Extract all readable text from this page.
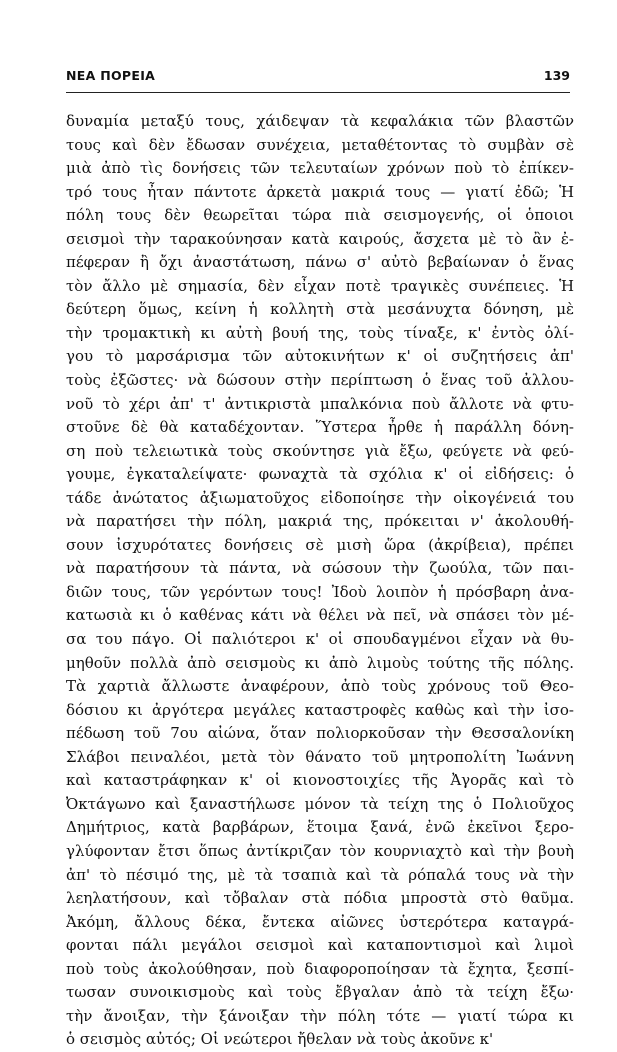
ΝΕΑ ΠΟΡΕΙΑ	139
δυναμία μεταξύ τους, χάιδεψαν τὰ κεφαλάκια τῶν βλαστῶν
τους καὶ δὲν ἔδωσαν συνέχεια, μεταθέτοντας τὸ συμβὰν σὲ
μιὰ ἀπὸ τὶς δονήσεις τῶν τελευταίων χρόνων ποὺ τὸ ἐπίκεν-
τρό τους ἦταν πάντοτε ἀρκετὰ μακριά τους — γιατί ἐδῶ; Ἡ
πόλη τους δὲν θεωρεῖται τώρα πιὰ σεισμογενής, οἱ ὁποιοι
σεισμοὶ τὴν ταρακούνησαν κατὰ καιρούς, ἄσχετα μὲ τὸ ἂν ἐ-
πέφεραν ἢ ὄχι ἀναστάτωση, πάνω σ' αὐτὸ βεβαίωναν ὁ ἕνας
τὸν ἄλλο μὲ σημασία, δὲν εἶχαν ποτὲ τραγικὲς συνέπειες. Ἡ
δεύτερη ὅμως, κείνη ἡ κολλητὴ στὰ μεσάνυχτα δόνηση, μὲ
τὴν τρομακτικὴ κι αὐτὴ βουή της, τοὺς τίναξε, κ' ἐντὸς ὀλί-
γου τὸ μαρσάρισμα τῶν αὐτοκινήτων κ' οἱ συζητήσεις ἀπ'
τοὺς ἐξῶστες· νὰ δώσουν στὴν περίπτωση ὁ ἕνας τοῦ ἀλλου-
νοῦ τὸ χέρι ἀπ' τ' ἀντικριστὰ μπαλκόνια ποὺ ἄλλοτε νὰ φτυ-
στοῦνε δὲ θὰ καταδέχονταν. Ὕστερα ἦρθε ἡ παράλλη δόνη-
ση ποὺ τελειωτικὰ τοὺς σκούντησε γιὰ ἔξω, φεύγετε νὰ φεύ-
γουμε, ἐγκαταλείψατε· φωναχτὰ τὰ σχόλια κ' οἱ εἰδήσεις: ὁ
τάδε ἀνώτατος ἀξιωματοῦχος εἰδοποίησε τὴν οἰκογένειά του
νὰ παρατήσει τὴν πόλη, μακριά της, πρόκειται ν' ἀκολουθή-
σουν ἰσχυρότατες δονήσεις σὲ μισὴ ὥρα (ἀκρίβεια), πρέπει
νὰ παρατήσουν τὰ πάντα, νὰ σώσουν τὴν ζωούλα, τῶν παι-
διῶν τους, τῶν γερόντων τους! Ἰδοὺ λοιπὸν ἡ πρόσβαρη ἀνα-
κατωσιὰ κι ὁ καθένας κάτι νὰ θέλει νὰ πεῖ, νὰ σπάσει τὸν μέ-
σα του πάγο. Οἱ παλιότεροι κ' οἱ σπουδαγμένοι εἶχαν νὰ θυ-
μηθοῦν πολλὰ ἀπὸ σεισμοὺς κι ἀπὸ λιμοὺς τούτης τῆς πόλης.
Τὰ χαρτιὰ ἄλλωστε ἀναφέρουν, ἀπὸ τοὺς χρόνους τοῦ Θεο-
δόσιου κι ἀργότερα μεγάλες καταστροφὲς καθὼς καὶ τὴν ἰσο-
πέδωση τοῦ 7ου αἰώνα, ὅταν πολιορκοῦσαν τὴν Θεσσαλονίκη
Σλάβοι πειναλέοι, μετὰ τὸν θάνατο τοῦ μητροπολίτη Ἰωάννη
καὶ καταστράφηκαν κ' οἱ κιονοστοιχίες τῆς Ἀγορᾶς καὶ τὸ
Ὀκτάγωνο καὶ ξαναστήλωσε μόνον τὰ τείχη της ὁ Πολιοῦχος
Δημήτριος, κατὰ βαρβάρων, ἕτοιμα ξανά, ἐνῶ ἐκεῖνοι ξερο-
γλύφονταν ἔτσι ὅπως ἀντίκριζαν τὸν κουρνιαχτὸ καὶ τὴν βουὴ
ἀπ' τὸ πέσιμό της, μὲ τὰ τσαπιὰ καὶ τὰ ρόπαλά τους νὰ τὴν
λεηλατήσουν, καὶ τὄβαλαν στὰ πόδια μπροστὰ στὸ θαῦμα.
Ἀκόμη, ἄλλους δέκα, ἔντεκα αἰῶνες ὑστερότερα καταγρά-
φονται πάλι μεγάλοι σεισμοὶ καὶ καταποντισμοὶ καὶ λιμοὶ
ποὺ τοὺς ἀκολούθησαν, ποὺ διαφοροποίησαν τὰ ἔχητα, ξεσπί-
τωσαν συνοικισμοὺς καὶ τοὺς ἔβγαλαν ἀπὸ τὰ τείχη ἔξω·
τὴν ἄνοιξαν, τὴν ξάνοιξαν τὴν πόλη τότε — γιατί τώρα κι
ὁ σεισμὸς αὐτός; Οἱ νεώτεροι ἤθελαν νὰ τοὺς ἀκοῦνε κ'
